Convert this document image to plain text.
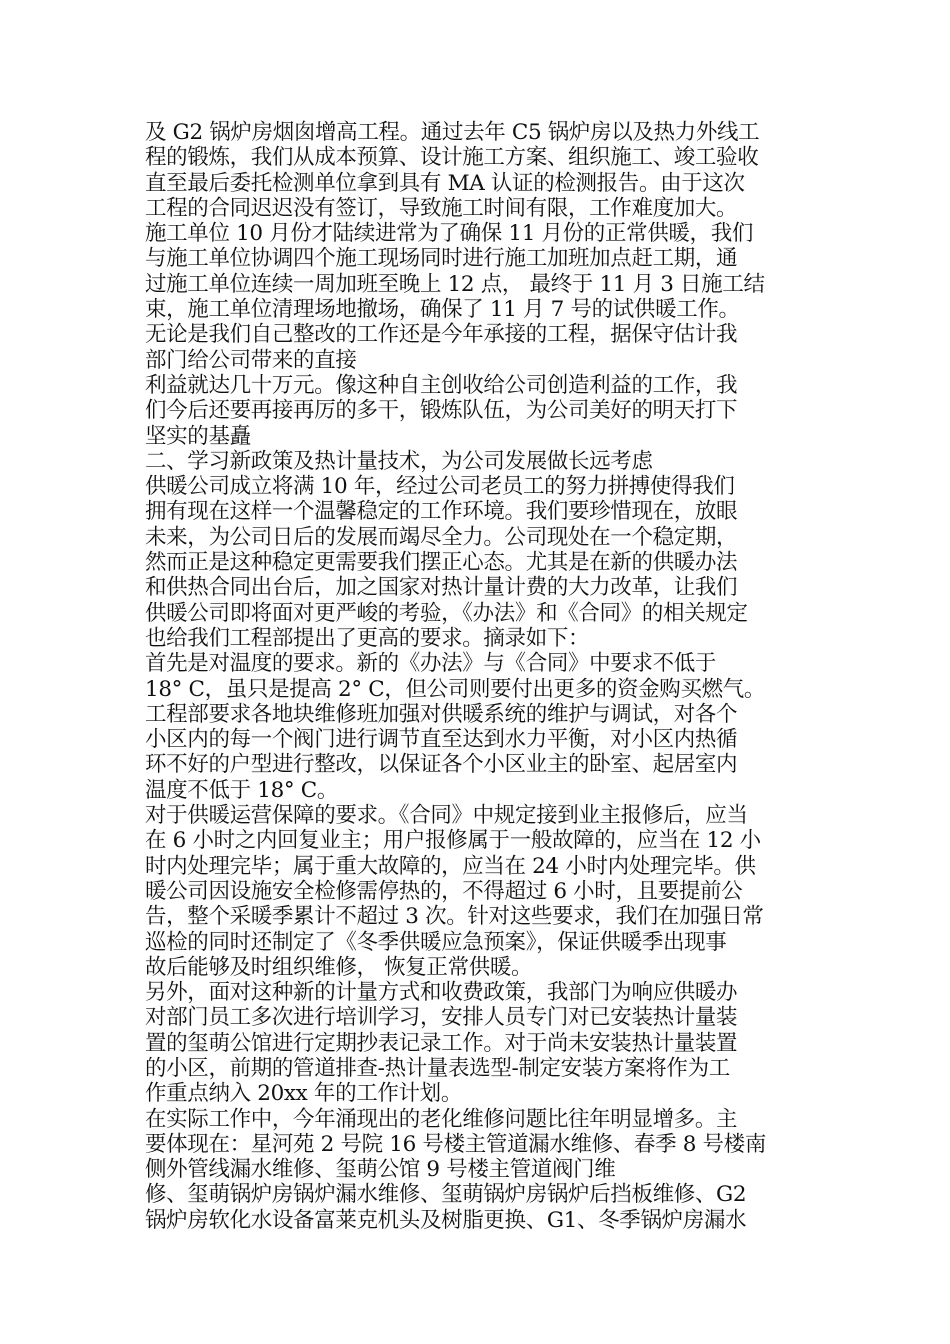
及 G2 锅炉房烟囱增高工程。通过去年 C5 锅炉房以及热力外线工
程的锻炼，我们从成本预算、设计施工方案、组织施工、竣工验收
直至最后委托检测单位拿到具有 MA 认证的检测报告。由于这次
工程的合同迟迟没有签订，导致施工时间有限，工作难度加大。
施工单位 10 月份才陆续进常为了确保 11 月份的正常供暖，我们
与施工单位协调四个施工现场同时进行施工加班加点赶工期，通
过施工单位连续一周加班至晚上 12 点， 最终于 11 月 3 日施工结
束，施工单位清理场地撤场，确保了 11 月 7 号的试供暖工作。
无论是我们自己整改的工作还是今年承接的工程，据保守估计我
部门给公司带来的直接
利益就达几十万元。像这种自主创收给公司创造利益的工作，我
们今后还要再接再厉的多干，锻炼队伍，为公司美好的明天打下
坚实的基矗
二、学习新政策及热计量技术，为公司发展做长远考虑
供暖公司成立将满 10 年，经过公司老员工的努力拼搏使得我们
拥有现在这样一个温馨稳定的工作环境。我们要珍惜现在，放眼
未来，为公司日后的发展而竭尽全力。公司现处在一个稳定期，
然而正是这种稳定更需要我们摆正心态。尤其是在新的供暖办法
和供热合同出台后，加之国家对热计量计费的大力改革，让我们
供暖公司即将面对更严峻的考验，《办法》和《合同》的相关规定
也给我们工程部提出了更高的要求。摘录如下：
首先是对温度的要求。新的《办法》与《合同》中要求不低于
18° C，虽只是提高 2° C，但公司则要付出更多的资金购买燃气。
工程部要求各地块维修班加强对供暖系统的维护与调试，对各个
小区内的每一个阀门进行调节直至达到水力平衡，对小区内热循
环不好的户型进行整改，以保证各个小区业主的卧室、起居室内
温度不低于 18° C。
对于供暖运营保障的要求。《合同》中规定接到业主报修后，应当
在 6 小时之内回复业主；用户报修属于一般故障的，应当在 12 小
时内处理完毕；属于重大故障的，应当在 24 小时内处理完毕。供
暖公司因设施安全检修需停热的，不得超过 6 小时，且要提前公
告，整个采暖季累计不超过 3 次。针对这些要求，我们在加强日常
巡检的同时还制定了《冬季供暖应急预案》，保证供暖季出现事
故后能够及时组织维修， 恢复正常供暖。
另外，面对这种新的计量方式和收费政策，我部门为响应供暖办
对部门员工多次进行培训学习，安排人员专门对已安装热计量装
置的玺萌公馆进行定期抄表记录工作。对于尚未安装热计量装置
的小区，前期的管道排查-热计量表选型-制定安装方案将作为工
作重点纳入 20xx 年的工作计划。
在实际工作中，今年涌现出的老化维修问题比往年明显增多。主
要体现在：星河苑 2 号院 16 号楼主管道漏水维修、春季 8 号楼南
侧外管线漏水维修、玺萌公馆 9 号楼主管道阀门维
修、玺萌锅炉房锅炉漏水维修、玺萌锅炉房锅炉后挡板维修、G2
锅炉房软化水设备富莱克机头及树脂更换、G1、冬季锅炉房漏水
